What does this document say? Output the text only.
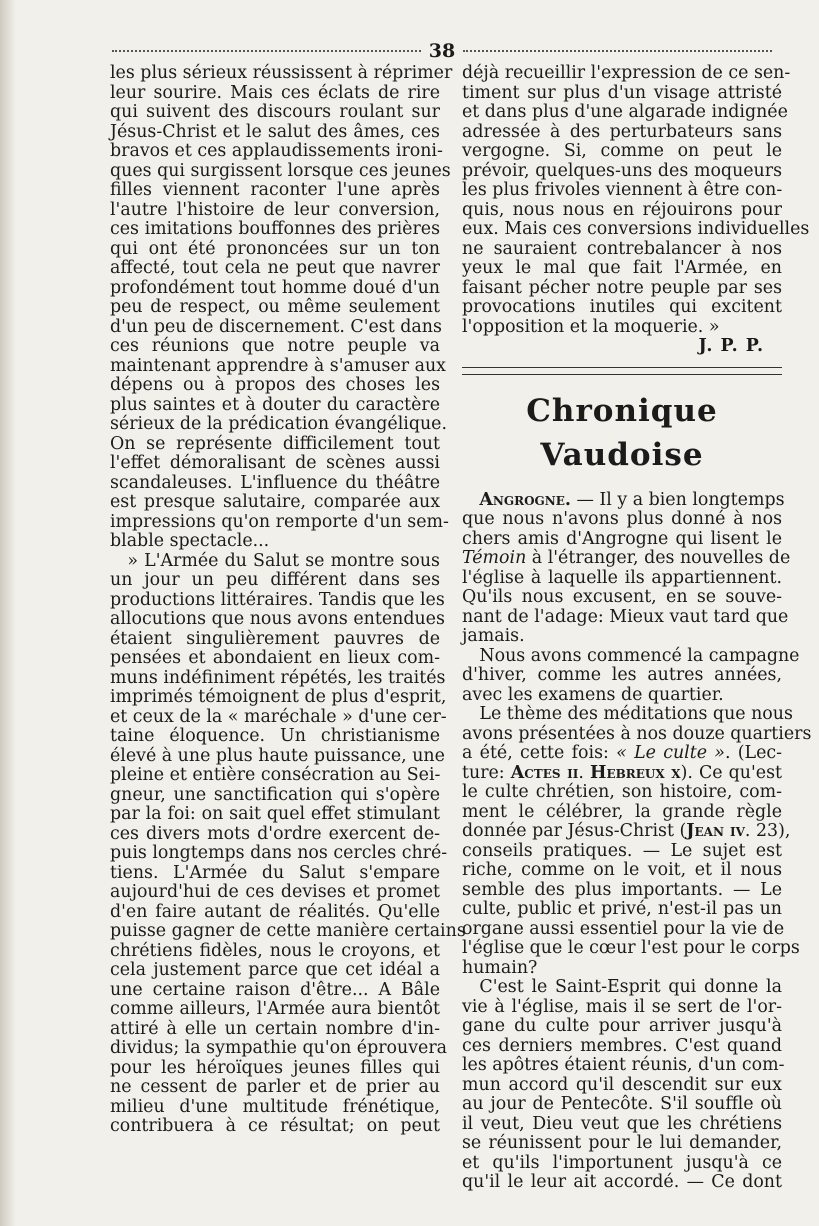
38
les plus sérieux réussissent à réprimer
leur sourire. Mais ces éclats de rire
qui suivent des discours roulant sur
Jésus-Christ et le salut des âmes, ces
bravos et ces applaudissements ironi-
ques qui surgissent lorsque ces jeunes
filles viennent raconter l'une après
l'autre l'histoire de leur conversion,
ces imitations bouffonnes des prières
qui ont été prononcées sur un ton
affecté, tout cela ne peut que navrer
profondément tout homme doué d'un
peu de respect, ou même seulement
d'un peu de discernement. C'est dans
ces réunions que notre peuple va
maintenant apprendre à s'amuser aux
dépens ou à propos des choses les
plus saintes et à douter du caractère
sérieux de la prédication évangélique.
On se représente difficilement tout
l'effet démoralisant de scènes aussi
scandaleuses. L'influence du théâtre
est presque salutaire, comparée aux
impressions qu'on remporte d'un sem-
blable spectacle...
» L'Armée du Salut se montre sous
un jour un peu différent dans ses
productions littéraires. Tandis que les
allocutions que nous avons entendues
étaient singulièrement pauvres de
pensées et abondaient en lieux com-
muns indéfiniment répétés, les traités
imprimés témoignent de plus d'esprit,
et ceux de la « maréchale » d'une cer-
taine éloquence. Un christianisme
élevé à une plus haute puissance, une
pleine et entière consécration au Sei-
gneur, une sanctification qui s'opère
par la foi: on sait quel effet stimulant
ces divers mots d'ordre exercent de-
puis longtemps dans nos cercles chré-
tiens. L'Armée du Salut s'empare
aujourd'hui de ces devises et promet
d'en faire autant de réalités. Qu'elle
puisse gagner de cette manière certains
chrétiens fidèles, nous le croyons, et
cela justement parce que cet idéal a
une certaine raison d'être... A Bâle
comme ailleurs, l'Armée aura bientôt
attiré à elle un certain nombre d'in-
dividus; la sympathie qu'on éprouvera
pour les héroïques jeunes filles qui
ne cessent de parler et de prier au
milieu d'une multitude frénétique,
contribuera à ce résultat; on peut
déjà recueillir l'expression de ce sen-
timent sur plus d'un visage attristé
et dans plus d'une algarade indignée
adressée à des perturbateurs sans
vergogne. Si, comme on peut le
prévoir, quelques-uns des moqueurs
les plus frivoles viennent à être con-
quis, nous nous en réjouirons pour
eux. Mais ces conversions individuelles
ne sauraient contrebalancer à nos
yeux le mal que fait l'Armée, en
faisant pécher notre peuple par ses
provocations inutiles qui excitent
l'opposition et la moquerie. »
J. P. P.
Chronique Vaudoise
 Angrogne. — Il y a bien longtemps
que nous n'avons plus donné à nos
chers amis d'Angrogne qui lisent le
Témoin à l'étranger, des nouvelles de
l'église à laquelle ils appartiennent.
Qu'ils nous excusent, en se souve-
nant de l'adage: Mieux vaut tard que
jamais.
Nous avons commencé la campagne
d'hiver, comme les autres années,
avec les examens de quartier.
 Le thème des méditations que nous
avons présentées à nos douze quartiers
a été, cette fois: « Le culte ». (Lec-
ture: Actes ii. Hebreux x). Ce qu'est
le culte chrétien, son histoire, com-
ment le célébrer, la grande règle
donnée par Jésus-Christ (Jean iv. 23),
conseils pratiques. — Le sujet est
riche, comme on le voit, et il nous
semble des plus importants. — Le
culte, public et privé, n'est-il pas un
organe aussi essentiel pour la vie de
l'église que le cœur l'est pour le corps
humain?
C'est le Saint-Esprit qui donne la
vie à l'église, mais il se sert de l'or-
gane du culte pour arriver jusqu'à
ces derniers membres. C'est quand
les apôtres étaient réunis, d'un com-
mun accord qu'il descendit sur eux
au jour de Pentecôte. S'il souffle où
il veut, Dieu veut que les chrétiens
se réunissent pour le lui demander,
et qu'ils l'importunent jusqu'à ce
qu'il le leur ait accordé. — Ce dont
